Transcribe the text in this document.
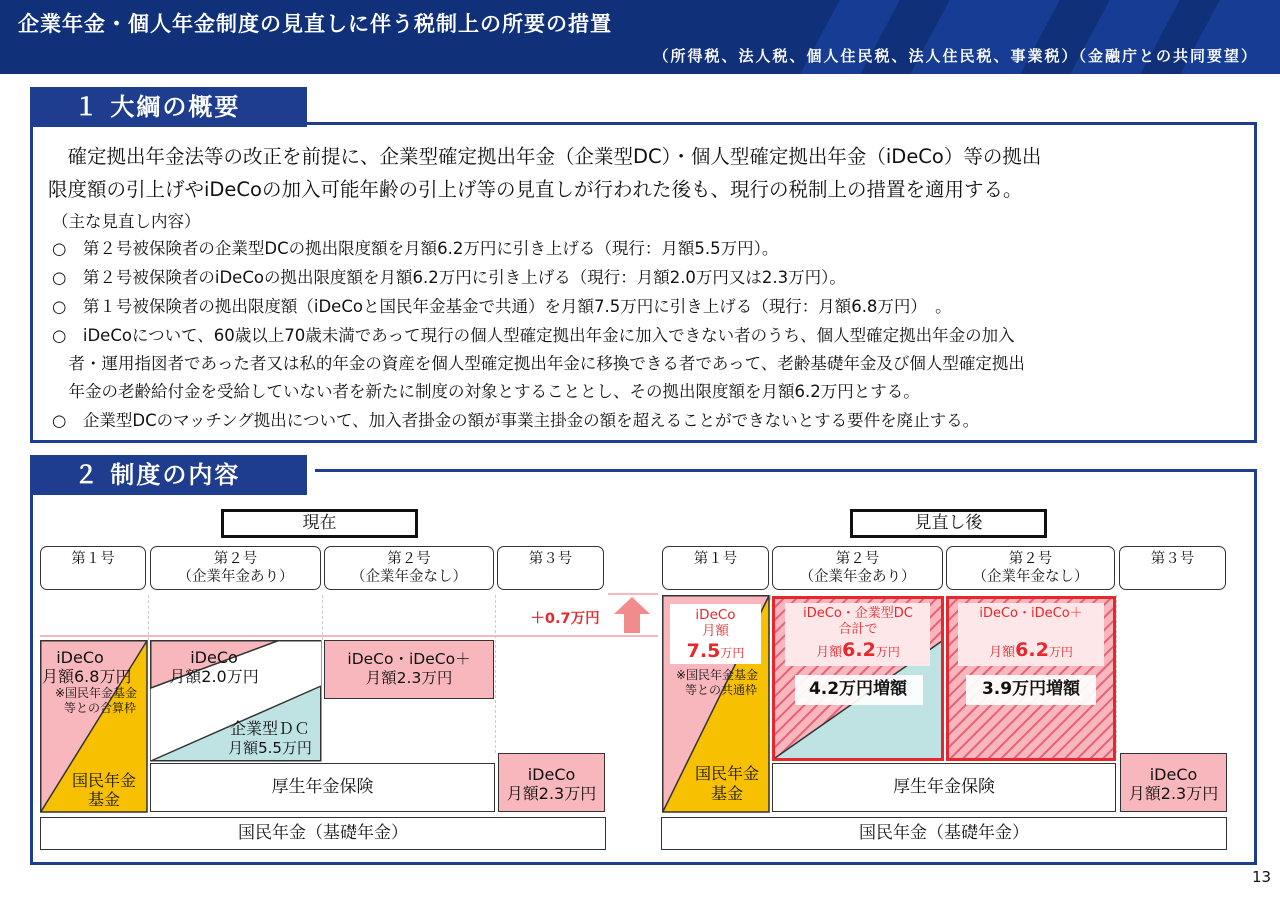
企業年金・個人年金制度の見直しに伴う税制上の所要の措置
（所得税、法人税、個人住民税、法人住民税、事業税）（金融庁との共同要望）
１ 大綱の概要
　確定拠出年金法等の改正を前提に、企業型確定拠出年金（企業型DC）・個人型確定拠出年金（iDeCo）等の拠出
限度額の引上げやiDeCoの加入可能年齢の引上げ等の見直しが行われた後も、現行の税制上の措置を適用する。
（主な見直し内容）
○　第２号被保険者の企業型DCの拠出限度額を月額6.2万円に引き上げる（現行：月額5.5万円）。
○　第２号被保険者のiDeCoの拠出限度額を月額6.2万円に引き上げる（現行：月額2.0万円又は2.3万円）。
○　第１号被保険者の拠出限度額（iDeCoと国民年金基金で共通）を月額7.5万円に引き上げる（現行：月額6.8万円）　。
○　iDeCoについて、60歳以上70歳未満であって現行の個人型確定拠出年金に加入できない者のうち、個人型確定拠出年金の加入
　者・運用指図者であった者又は私的年金の資産を個人型確定拠出年金に移換できる者であって、老齢基礎年金及び個人型確定拠出
　年金の老齢給付金を受給していない者を新たに制度の対象とすることとし、その拠出限度額を月額6.2万円とする。
○　企業型DCのマッチング拠出について、加入者掛金の額が事業主掛金の額を超えることができないとする要件を廃止する。
２ 制度の内容
現在
第１号	第２号
（企業年金あり）
第２号
（企業年金なし）
第３号
iDeCo
月額6.8万円
※国民年金基金
等との合算枠
国民年金
基金
iDeCo
月額2.0万円
企業型ＤＣ
月額5.5万円
iDeCo・iDeCo＋
月額2.3万円
厚生年金保険
iDeCo
月額2.3万円
国民年金（基礎年金）
＋0.7万円
見直し後
第１号	第２号
（企業年金あり）
第２号
（企業年金なし）
第３号
iDeCo
月額
7.5万円
※国民年金基金
等との共通枠
国民年金
基金
iDeCo・企業型DC
合計で
月額6.2万円
4.2万円増額
iDeCo・iDeCo＋
月額6.2万円
3.9万円増額
厚生年金保険
iDeCo
月額2.3万円
国民年金（基礎年金）
13
